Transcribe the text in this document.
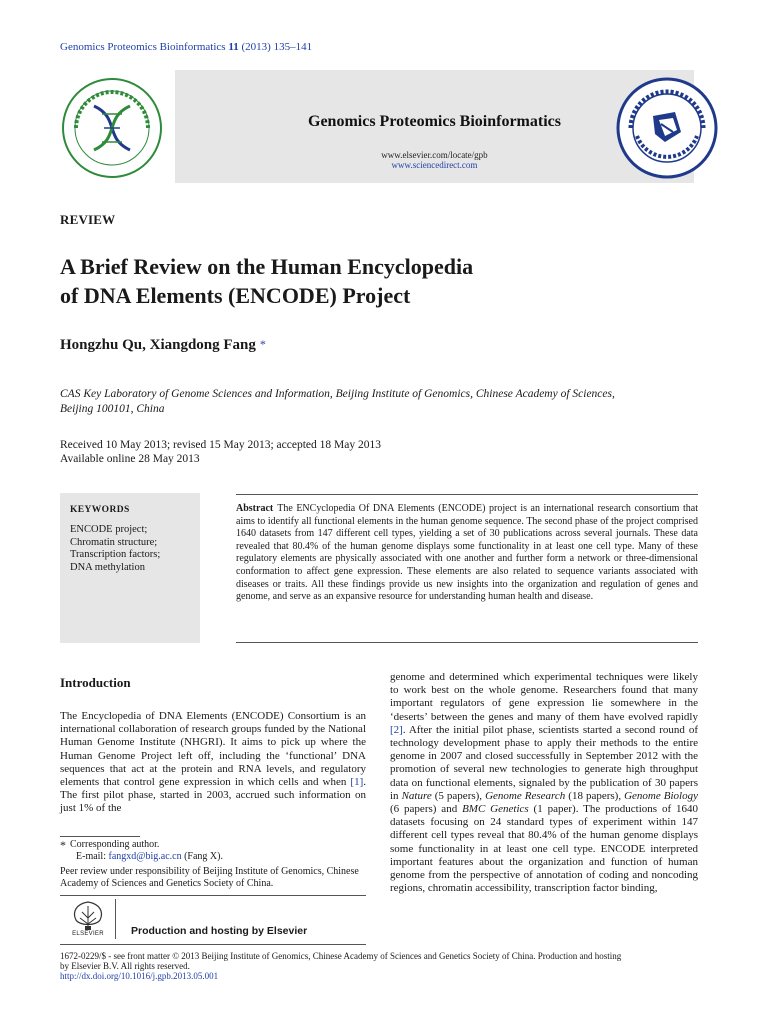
Genomics Proteomics Bioinformatics 11 (2013) 135–141
Genomics Proteomics Bioinformatics
www.elsevier.com/locate/gpb
www.sciencedirect.com
REVIEW
A Brief Review on the Human Encyclopedia
of DNA Elements (ENCODE) Project
Hongzhu Qu, Xiangdong Fang *
CAS Key Laboratory of Genome Sciences and Information, Beijing Institute of Genomics, Chinese Academy of Sciences,
Beijing 100101, China
Received 10 May 2013; revised 15 May 2013; accepted 18 May 2013
Available online 28 May 2013
KEYWORDS
ENCODE project;
Chromatin structure;
Transcription factors;
DNA methylation
Abstract The ENCyclopedia Of DNA Elements (ENCODE) project is an international research consortium that aims to identify all functional elements in the human genome sequence. The second phase of the project comprised 1640 datasets from 147 different cell types, yielding a set of 30 publications across several journals. These data revealed that 80.4% of the human genome displays some functionality in at least one cell type. Many of these regulatory elements are physically associated with one another and further form a network or three-dimensional conformation to affect gene expression. These elements are also related to sequence variants associated with diseases or traits. All these findings provide us new insights into the organization and regulation of genes and genome, and serve as an expansive resource for understanding human health and disease.
Introduction
The Encyclopedia of DNA Elements (ENCODE) Consortium is an international collaboration of research groups funded by the National Human Genome Institute (NHGRI). It aims to pick up where the Human Genome Project left off, including the ‘functional’ DNA sequences that act at the protein and RNA levels, and regulatory elements that control gene expression in which cells and when [1]. The first pilot phase, started in 2003, accrued such information on just 1% of the
genome and determined which experimental techniques were likely to work best on the whole genome. Researchers found that many important regulators of gene expression lie somewhere in the ‘deserts’ between the genes and many of them have evolved rapidly [2]. After the initial pilot phase, scientists started a second round of technology development phase to apply their methods to the entire genome in 2007 and closed successfully in September 2012 with the promotion of several new technologies to generate high throughput data on functional elements, signaled by the publication of 30 papers in Nature (5 papers), Genome Research (18 papers), Genome Biology (6 papers) and BMC Genetics (1 paper). The productions of 1640 datasets focusing on 24 standard types of experiment within 147 different cell types reveal that 80.4% of the human genome displays some functionality in at least one cell type. ENCODE interpreted important features about the organization and function of human genome from the perspective of annotation of coding and noncoding regions, chromatin accessibility, transcription factor binding,
* Corresponding author.
E-mail: fangxd@big.ac.cn (Fang X).
Peer review under responsibility of Beijing Institute of Genomics, Chinese Academy of Sciences and Genetics Society of China.
ELSEVIER	Production and hosting by Elsevier
1672-0229/$ - see front matter © 2013 Beijing Institute of Genomics, Chinese Academy of Sciences and Genetics Society of China. Production and hosting
by Elsevier B.V. All rights reserved.
http://dx.doi.org/10.1016/j.gpb.2013.05.001
